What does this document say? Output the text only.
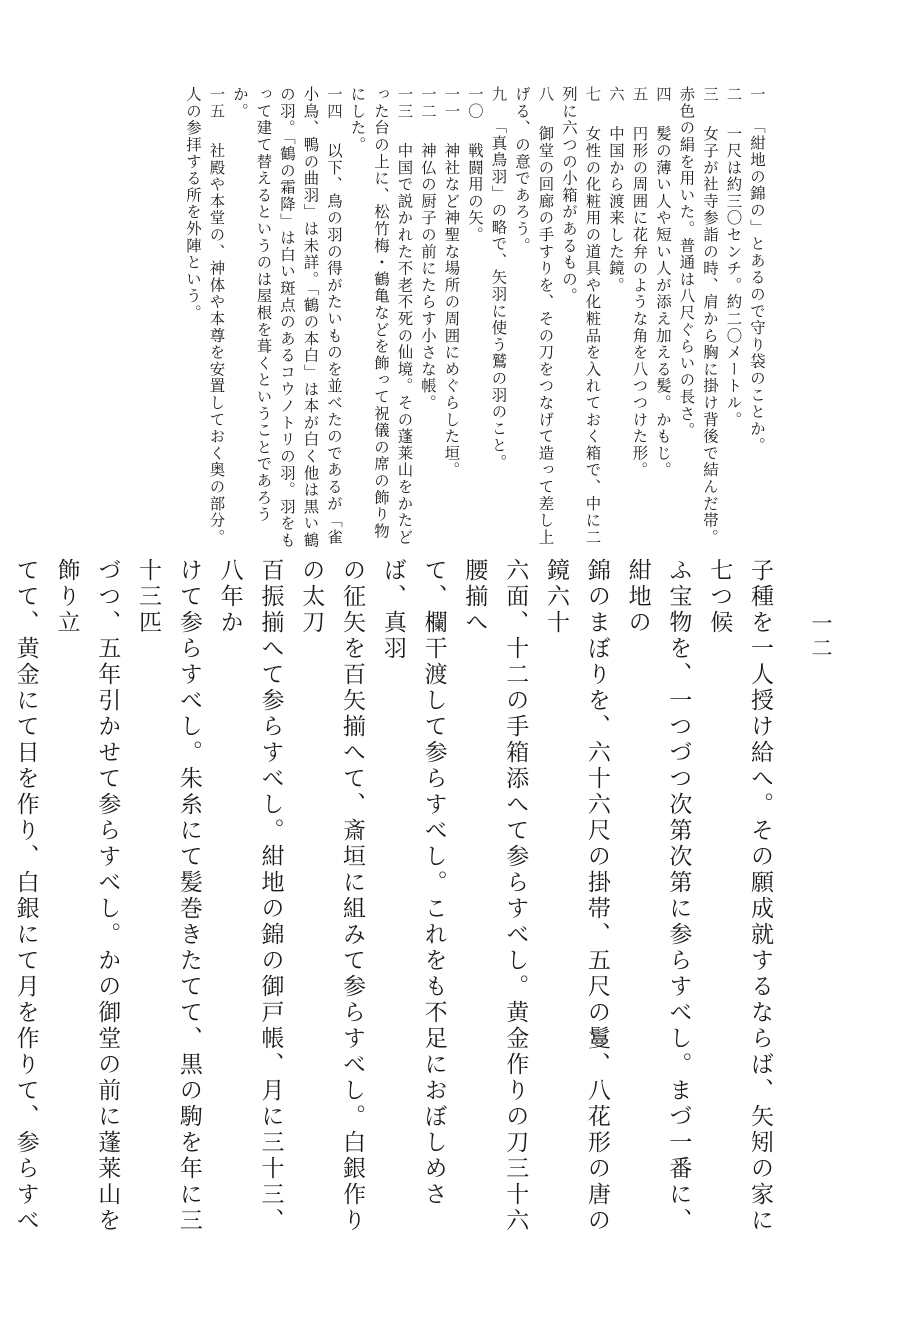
一　「紺地の錦の」とあるので守り袋のことか。

二　一尺は約三〇センチ。約二〇メートル。

三　女子が社寺参詣の時、肩から胸に掛け背後で結んだ帯。赤色の絹を用いた。普通は八尺ぐらいの長さ。

四　髪の薄い人や短い人が添え加える髪。かもじ。

五　円形の周囲に花弁のような角を八つつけた形。

六　中国から渡来した鏡。

七　女性の化粧用の道具や化粧品を入れておく箱で、中に二列に六つの小箱があるもの。

八　御堂の回廊の手すりを、その刀をつなげて造って差し上げる、の意であろう。

九　「真鳥羽」の略で、矢羽に使う鷲の羽のこと。

一〇　戦闘用の矢。

一一　神社など神聖な場所の周囲にめぐらした垣。

一二　神仏の厨子の前にたらす小さな帳。

一三　中国で説かれた不老不死の仙境。その蓬莱山をかたどった台の上に、松竹梅・鶴亀などを飾って祝儀の席の飾り物にした。

一四　以下、鳥の羽の得がたいものを並べたのであるが「雀小鳥、鴨の曲羽」は未詳。「鶴の本白」は本が白く他は黒い鶴の羽。「鶴の霜降」は白い斑点のあるコウノトリの羽。羽をもって建て替えるというのは屋根を葺くということであろうか。

一五　社殿や本堂の、神体や本尊を安置しておく奥の部分。人の参拝する所を外陣という。

子種を一人授け給へ。その願成就するならば、矢矧の家に七つ候
ふ宝物を、一つづつ次第次第に参らすべし。まづ一番に、紺地の
錦のまぼりを、六十六尺の掛帯、五尺の鬘、八花形の唐の鏡六十
六面、十二の手箱添へて参らすべし。黄金作りの刀三十六腰揃へ
て、欄干渡して参らすべし。これをも不足におぼしめさば、真羽
の征矢を百矢揃へて、斎垣に組みて参らすべし。白銀作りの太刀
百振揃へて参らすべし。紺地の錦の御戸帳、月に三十三、八年か
けて参らすべし。朱糸にて髪巻きたてて、黒の駒を年に三十三匹
づつ、五年引かせて参らすべし。かの御堂の前に蓬莱山を飾り立
てて、黄金にて日を作り、白銀にて月を作りて、参らすべ
一二
